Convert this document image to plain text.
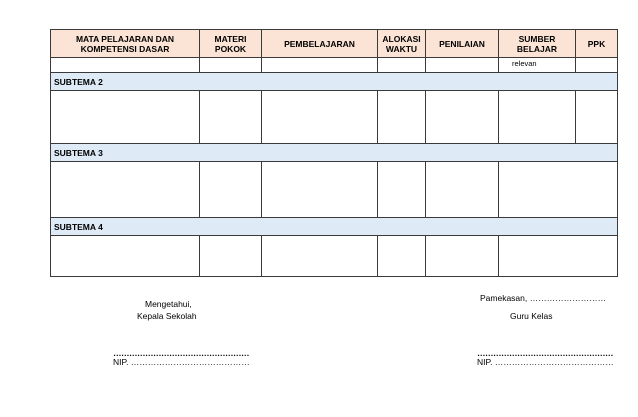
MATA PELAJARAN DAN KOMPETENSI DASAR	MATERI POKOK	PEMBELAJARAN	ALOKASI WAKTU	PENILAIAN	SUMBER BELAJAR	PPK

					relevan	

SUBTEMA 2						

SUBTEMA 3						

SUBTEMA 4						

Mengetahui,
Kepala Sekolah
……………………………………………
NIP. ……………………………………
Pamekasan, ………………………
Guru Kelas
……………………………………………
NIP. ……………………………………
